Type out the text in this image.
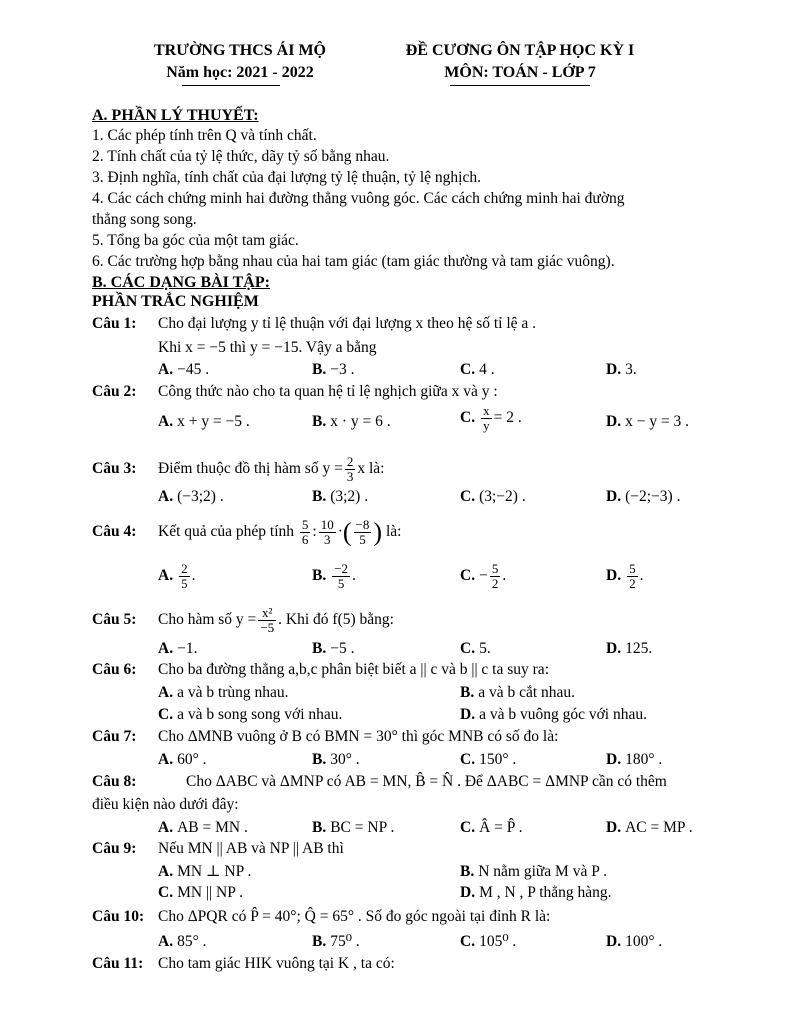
TRƯỜNG THCS ÁI MỘ
Năm học: 2021 - 2022
ĐỀ CƯƠNG ÔN TẬP HỌC KỲ I
MÔN: TOÁN - LỚP 7
A. PHẦN LÝ THUYẾT:
1. Các phép tính trên Q và tính chất.
2. Tính chất của tỷ lệ thức, dãy tỷ số bằng nhau.
3. Định nghĩa, tính chất của đại lượng tỷ lệ thuận, tỷ lệ nghịch.
4. Các cách chứng minh hai đường thẳng vuông góc. Các cách chứng minh hai đường
thẳng song song.
5. Tổng ba góc của một tam giác.
6. Các trường hợp bằng nhau của hai tam giác (tam giác thường và tam giác vuông).
B. CÁC DẠNG BÀI TẬP:
PHẦN TRẮC NGHIỆM
Câu 1: Cho đại lượng y tỉ lệ thuận với đại lượng x theo hệ số tỉ lệ a .
Khi x = −5 thì y = −15. Vậy a bằng
A. −45 .	B. −3 .	C. 4 .	D. 3.
Câu 2: Công thức nào cho ta quan hệ tỉ lệ nghịch giữa x và y :
A. x + y = −5 .	B. x · y = 6 .	C. $\frac{x}{y} = 2$ .	D. x − y = 3 .
Câu 3: Điểm thuộc đồ thị hàm số $y = \frac{2}{3}$ x là:
A. (−3;2) .	B. (3;2) .	C. (3;−2) .	D. (−2;−3) .
Câu 4: Kết quả của phép tính $\frac{5}{6}$ : $\frac{10}{3}$ ·( $\frac{-8}{5}$ ) là:
A. $\frac{2}{5}$ .	B. $\frac{-2}{5}$ .	C. − $\frac{5}{2}$ .	D. $\frac{5}{2}$ .
Câu 5: Cho hàm số $y = \frac{\text{x²}}{-5}$ . Khi đó f(5) bằng:
A. −1.	B. −5 .	C. 5.	D. 125.
Câu 6: Cho ba đường thẳng a,b,c phân biệt biết a || c và b || c ta suy ra:
A. a và b trùng nhau.	B. a và b cắt nhau.
C. a và b song song với nhau.	D. a và b vuông góc với nhau.
Câu 7: Cho ΔMNB vuông ở B có BMN = 30° thì góc MNB có số đo là:
A. 60° .	B. 30° .	C. 150° .	D. 180° .
Câu 8:	Cho ΔABC và ΔMNP có AB = MN, B̂ = N̂ . Để ΔABC = ΔMNP cần có thêm
điều kiện nào dưới đây:
A. AB = MN .	B. BC = NP .	C. Â = P̂ .	D. AC = MP .
Câu 9: Nếu MN || AB và NP || AB thì
A. MN ⊥ NP .	B. N nằm giữa M và P .
C. MN || NP .	D. M , N , P thẳng hàng.
Câu 10: Cho ΔPQR có P̂ = 40°; Q̂ = 65° . Số đo góc ngoài tại đỉnh R là:
A. 85° .	B. 75⁰ .	C. 105⁰ .	D. 100° .
Câu 11: Cho tam giác HIK vuông tại K , ta có:
